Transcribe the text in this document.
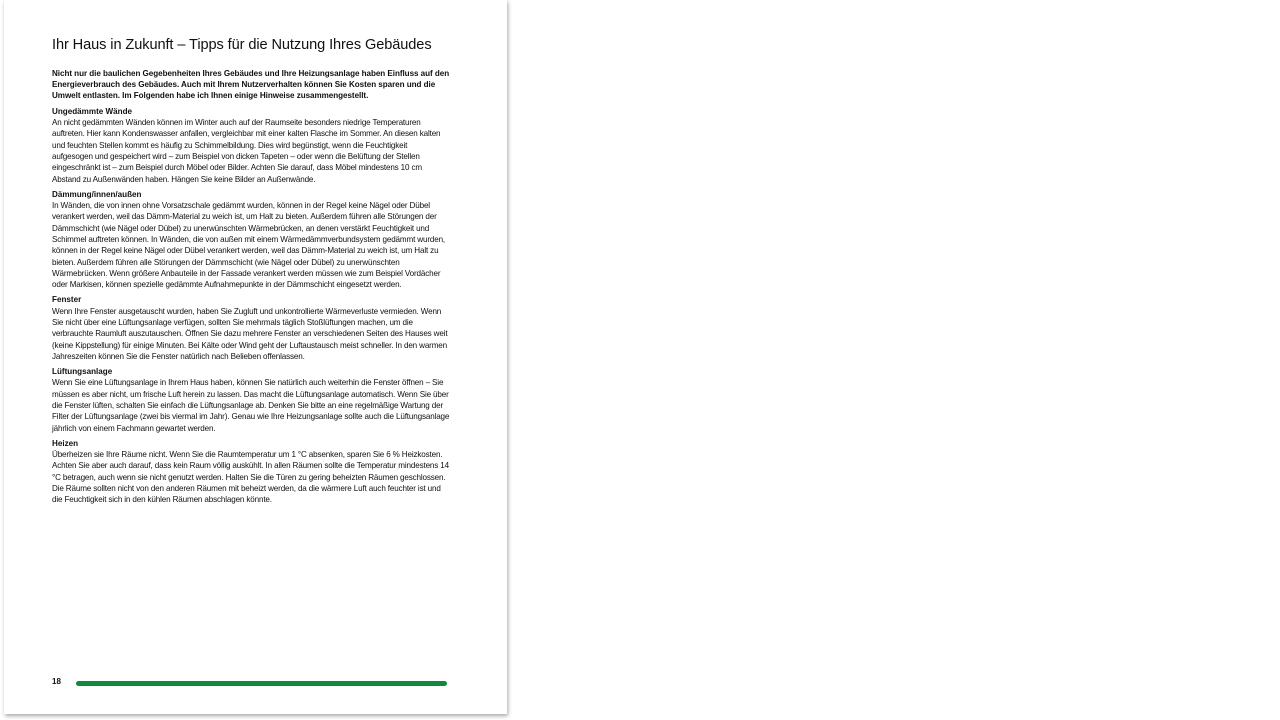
Ihr Haus in Zukunft – Tipps für die Nutzung Ihres Gebäudes

Nicht nur die baulichen Gegebenheiten Ihres Gebäudes und Ihre Heizungsanlage haben Einfluss auf den Energieverbrauch des Gebäudes. Auch mit Ihrem Nutzerverhalten können Sie Kosten sparen und die Umwelt entlasten. Im Folgenden habe ich Ihnen einige Hinweise zusammengestellt.

Ungedämmte Wände

An nicht gedämmten Wänden können im Winter auch auf der Raumseite besonders niedrige Temperaturen auftreten. Hier kann Kondenswasser anfallen, vergleichbar mit einer kalten Flasche im Sommer. An diesen kalten und feuchten Stellen kommt es häufig zu Schimmelbildung. Dies wird begünstigt, wenn die Feuchtigkeit aufgesogen und gespeichert wird – zum Beispiel von dicken Tapeten – oder wenn die Belüftung der Stellen eingeschränkt ist – zum Beispiel durch Möbel oder Bilder. Achten Sie darauf, dass Möbel mindestens 10 cm Abstand zu Außenwänden haben. Hängen Sie keine Bilder an Außenwände.

Dämmung/innen/außen

In Wänden, die von innen ohne Vorsatzschale gedämmt wurden, können in der Regel keine Nägel oder Dübel verankert werden, weil das Dämm-Material zu weich ist, um Halt zu bieten. Außerdem führen alle Störungen der Dämmschicht (wie Nägel oder Dübel) zu unerwünschten Wärmebrücken, an denen verstärkt Feuchtigkeit und Schimmel auftreten können. In Wänden, die von außen mit einem Wärmedämmverbundsystem gedämmt wurden, können in der Regel keine Nägel oder Dübel verankert werden, weil das Dämm-Material zu weich ist, um Halt zu bieten. Außerdem führen alle Störungen der Dämmschicht (wie Nägel oder Dübel) zu unerwünschten Wärmebrücken. Wenn größere Anbauteile in der Fassade verankert werden müssen wie zum Beispiel Vordächer oder Markisen, können spezielle gedämmte Aufnahmepunkte in der Dämmschicht eingesetzt werden.

Fenster

Wenn Ihre Fenster ausgetauscht wurden, haben Sie Zugluft und unkontrollierte Wärmeverluste vermieden. Wenn Sie nicht über eine Lüftungsanlage verfügen, sollten Sie mehrmals täglich Stoßlüftungen machen, um die verbrauchte Raumluft auszutauschen. Öffnen Sie dazu mehrere Fenster an verschiedenen Seiten des Hauses weit (keine Kippstellung) für einige Minuten. Bei Kälte oder Wind geht der Luftaustausch meist schneller. In den warmen Jahreszeiten können Sie die Fenster natürlich nach Belieben offenlassen.

Lüftungsanlage

Wenn Sie eine Lüftungsanlage in Ihrem Haus haben, können Sie natürlich auch weiterhin die Fenster öffnen – Sie müssen es aber nicht, um frische Luft herein zu lassen. Das macht die Lüftungsanlage automatisch. Wenn Sie über die Fenster lüften, schalten Sie einfach die Lüftungsanlage ab. Denken Sie bitte an eine regelmäßige Wartung der Filter der Lüftungsanlage (zwei bis viermal im Jahr). Genau wie Ihre Heizungsanlage sollte auch die Lüftungsanlage jährlich von einem Fachmann gewartet werden.

Heizen

Überheizen sie Ihre Räume nicht. Wenn Sie die Raumtemperatur um 1 °C absenken, sparen Sie 6 % Heizkosten. Achten Sie aber auch darauf, dass kein Raum völlig auskühlt. In allen Räumen sollte die Temperatur mindestens 14 °C betragen, auch wenn sie nicht genutzt werden. Halten Sie die Türen zu gering beheizten Räumen geschlossen. Die Räume sollten nicht von den anderen Räumen mit beheizt werden, da die wärmere Luft auch feuchter ist und die Feuchtigkeit sich in den kühlen Räumen abschlagen könnte.

18
